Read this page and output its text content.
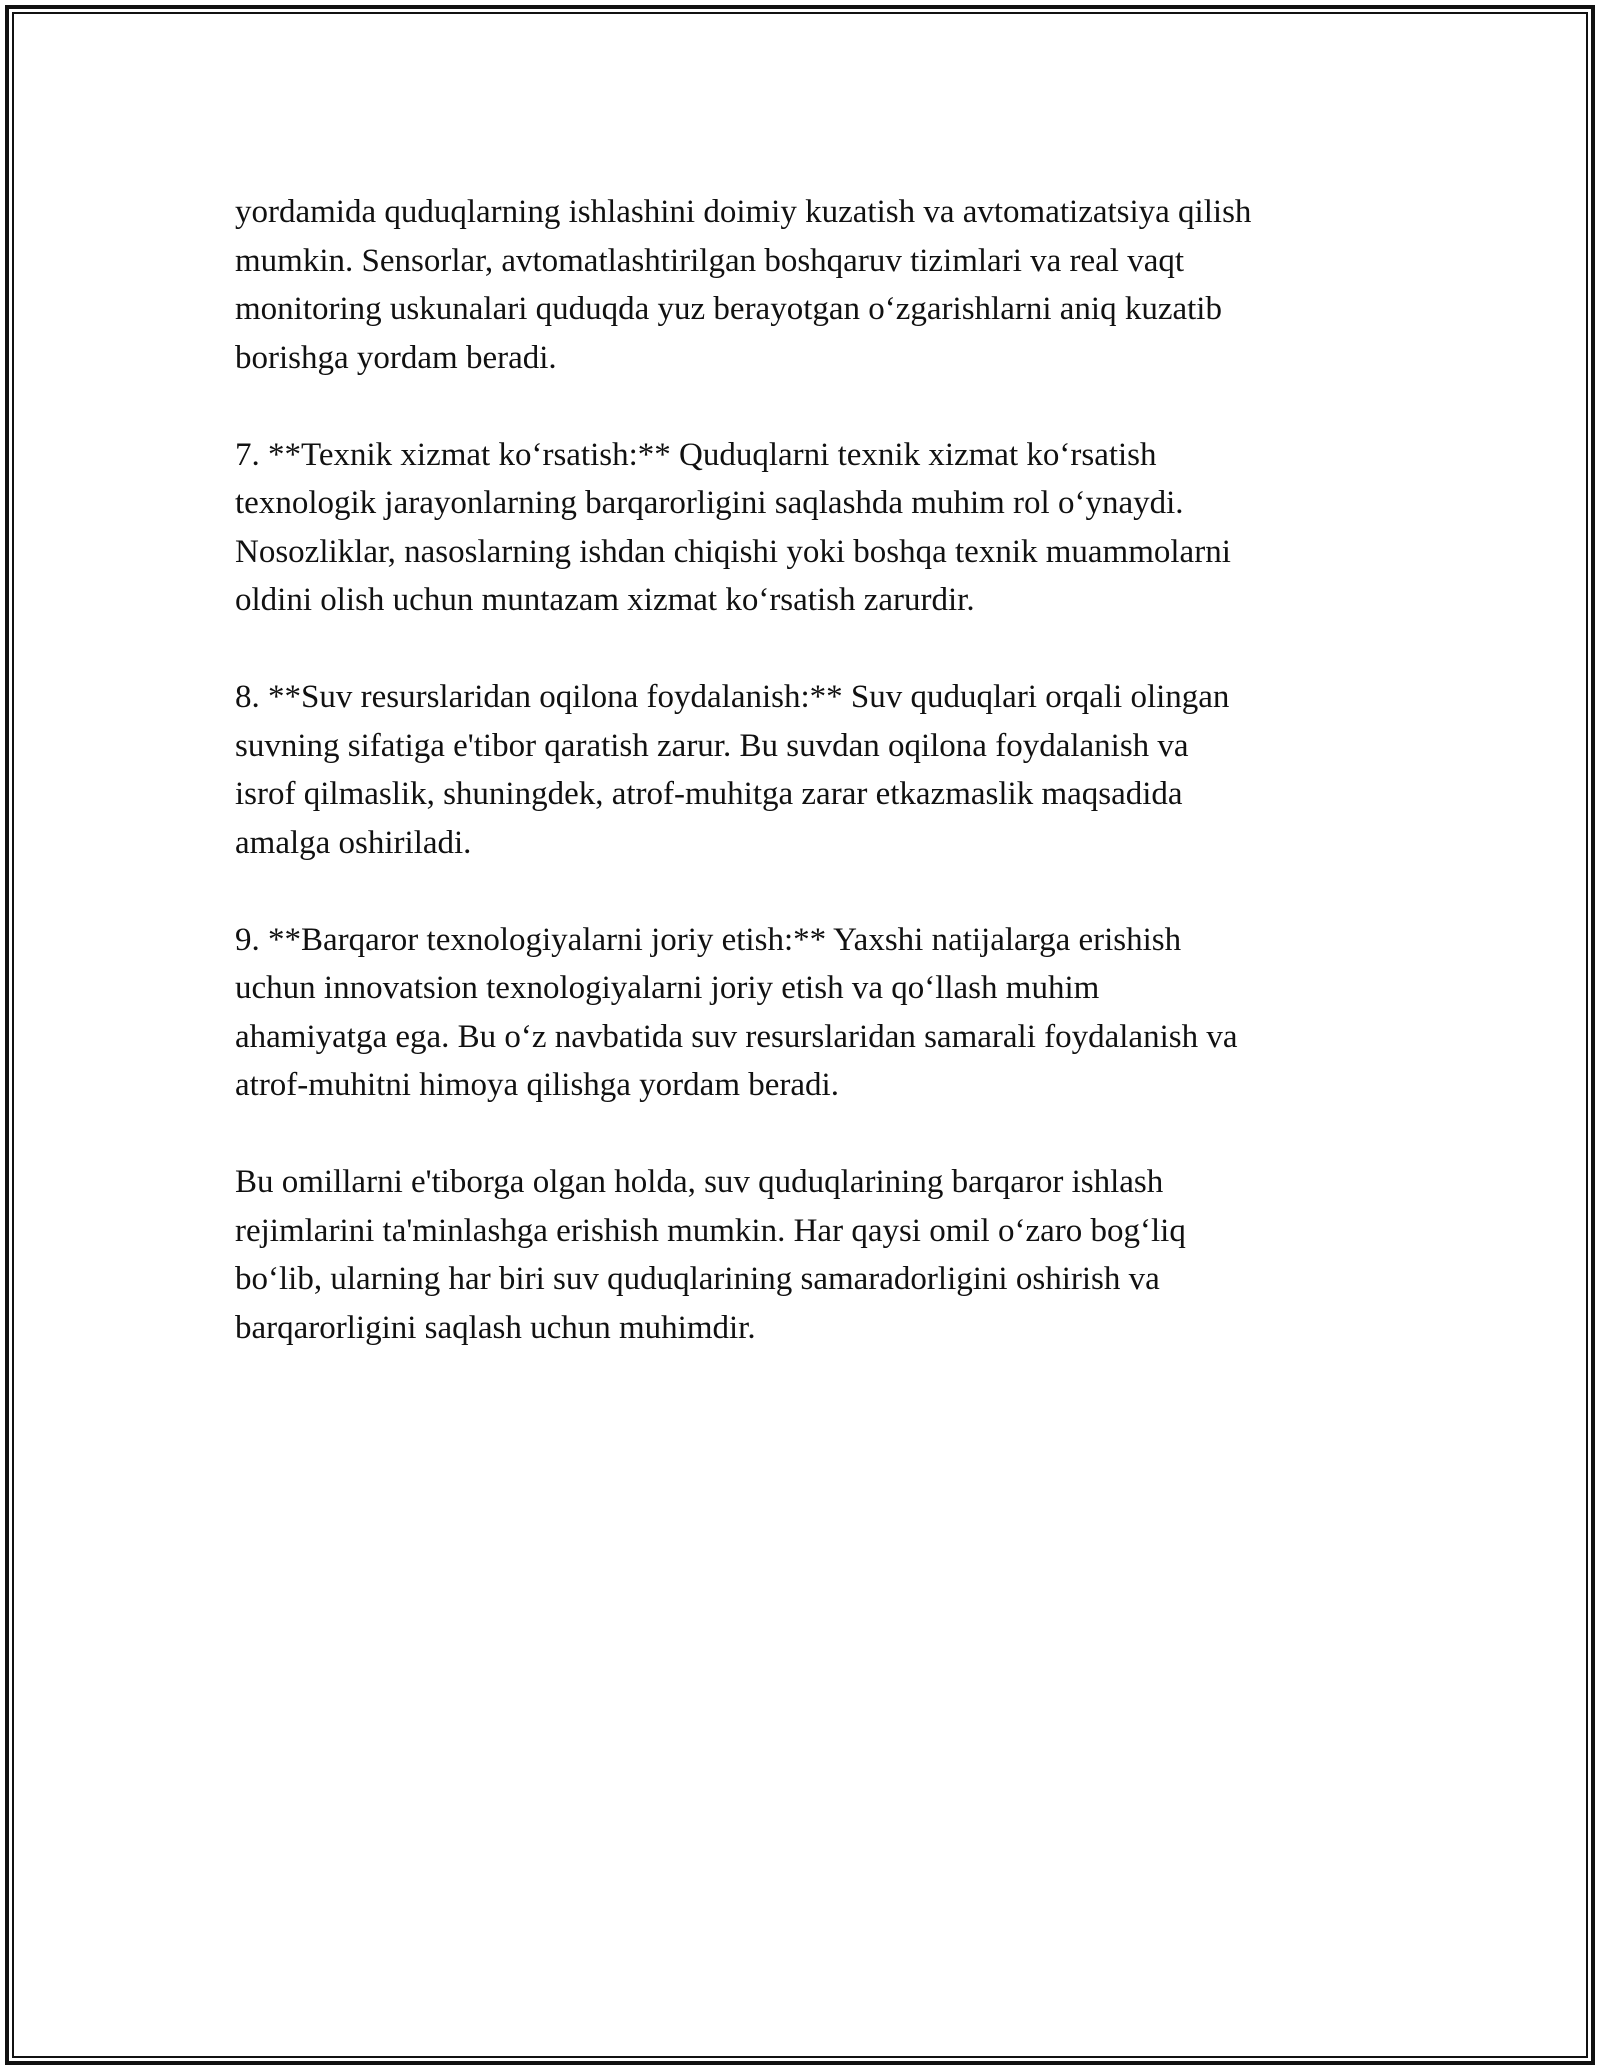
yordamida quduqlarning ishlashini doimiy kuzatish va avtomatizatsiya qilish
mumkin. Sensorlar, avtomatlashtirilgan boshqaruv tizimlari va real vaqt
monitoring uskunalari quduqda yuz berayotgan o‘zgarishlarni aniq kuzatib
borishga yordam beradi.

7. **Texnik xizmat ko‘rsatish:** Quduqlarni texnik xizmat ko‘rsatish
texnologik jarayonlarning barqarorligini saqlashda muhim rol o‘ynaydi.
Nosozliklar, nasoslarning ishdan chiqishi yoki boshqa texnik muammolarni
oldini olish uchun muntazam xizmat ko‘rsatish zarurdir.

8. **Suv resurslaridan oqilona foydalanish:** Suv quduqlari orqali olingan
suvning sifatiga e'tibor qaratish zarur. Bu suvdan oqilona foydalanish va
isrof qilmaslik, shuningdek, atrof-muhitga zarar etkazmaslik maqsadida
amalga oshiriladi.

9. **Barqaror texnologiyalarni joriy etish:** Yaxshi natijalarga erishish
uchun innovatsion texnologiyalarni joriy etish va qo‘llash muhim
ahamiyatga ega. Bu o‘z navbatida suv resurslaridan samarali foydalanish va
atrof-muhitni himoya qilishga yordam beradi.

Bu omillarni e'tiborga olgan holda, suv quduqlarining barqaror ishlash
rejimlarini ta'minlashga erishish mumkin. Har qaysi omil o‘zaro bog‘liq
bo‘lib, ularning har biri suv quduqlarining samaradorligini oshirish va
barqarorligini saqlash uchun muhimdir.
